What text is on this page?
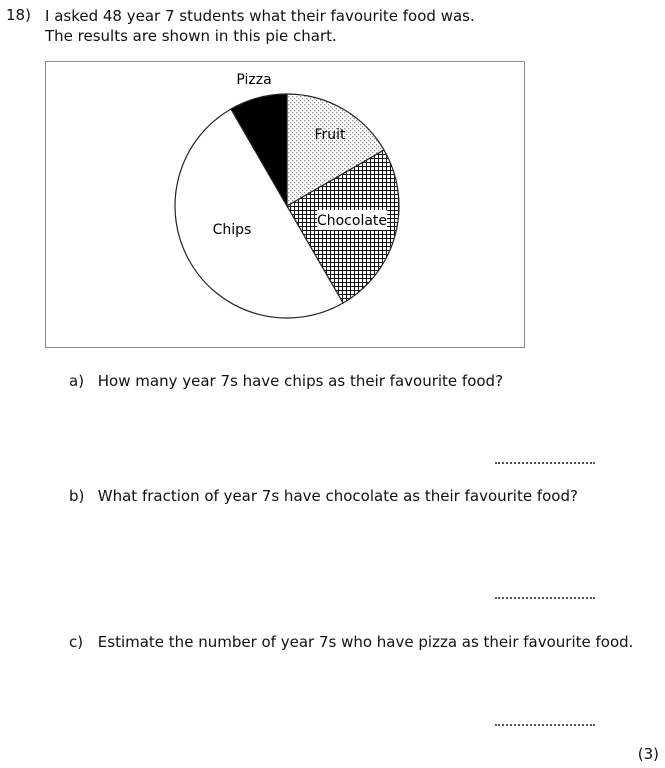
18) I asked 48 year 7 students what their favourite food was.
The results are shown in this pie chart.
Pizza
Fruit
Chocolate
Chips
a) How many year 7s have chips as their favourite food?
b) What fraction of year 7s have chocolate as their favourite food?
c) Estimate the number of year 7s who have pizza as their favourite food.
(3)
